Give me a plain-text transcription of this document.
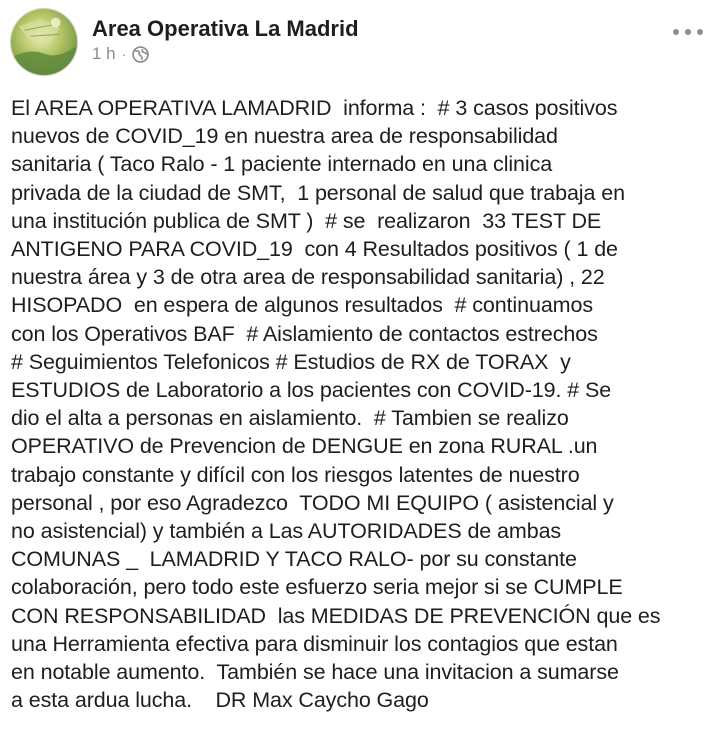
Area Operativa La Madrid
1 h ·
El AREA OPERATIVA LAMADRID  informa :  # 3 casos positivos
nuevos de COVID_19 en nuestra area de responsabilidad
sanitaria ( Taco Ralo - 1 paciente internado en una clinica
privada de la ciudad de SMT,  1 personal de salud que trabaja en
una institución publica de SMT )  # se  realizaron  33 TEST DE
ANTIGENO PARA COVID_19  con 4 Resultados positivos ( 1 de
nuestra área y 3 de otra area de responsabilidad sanitaria) , 22
HISOPADO  en espera de algunos resultados  # continuamos
con los Operativos BAF  # Aislamiento de contactos estrechos
# Seguimientos Telefonicos # Estudios de RX de TORAX  y
ESTUDIOS de Laboratorio a los pacientes con COVID-19. # Se
dio el alta a personas en aislamiento.  # Tambien se realizo
OPERATIVO de Prevencion de DENGUE en zona RURAL .un
trabajo constante y difícil con los riesgos latentes de nuestro
personal , por eso Agradezco  TODO MI EQUIPO ( asistencial y
no asistencial) y también a Las AUTORIDADES de ambas
COMUNAS _  LAMADRID Y TACO RALO- por su constante
colaboración, pero todo este esfuerzo seria mejor si se CUMPLE
CON RESPONSABILIDAD  las MEDIDAS DE PREVENCIÓN que es
una Herramienta efectiva para disminuir los contagios que estan
en notable aumento.  También se hace una invitacion a sumarse
a esta ardua lucha.    DR Max Caycho Gago
